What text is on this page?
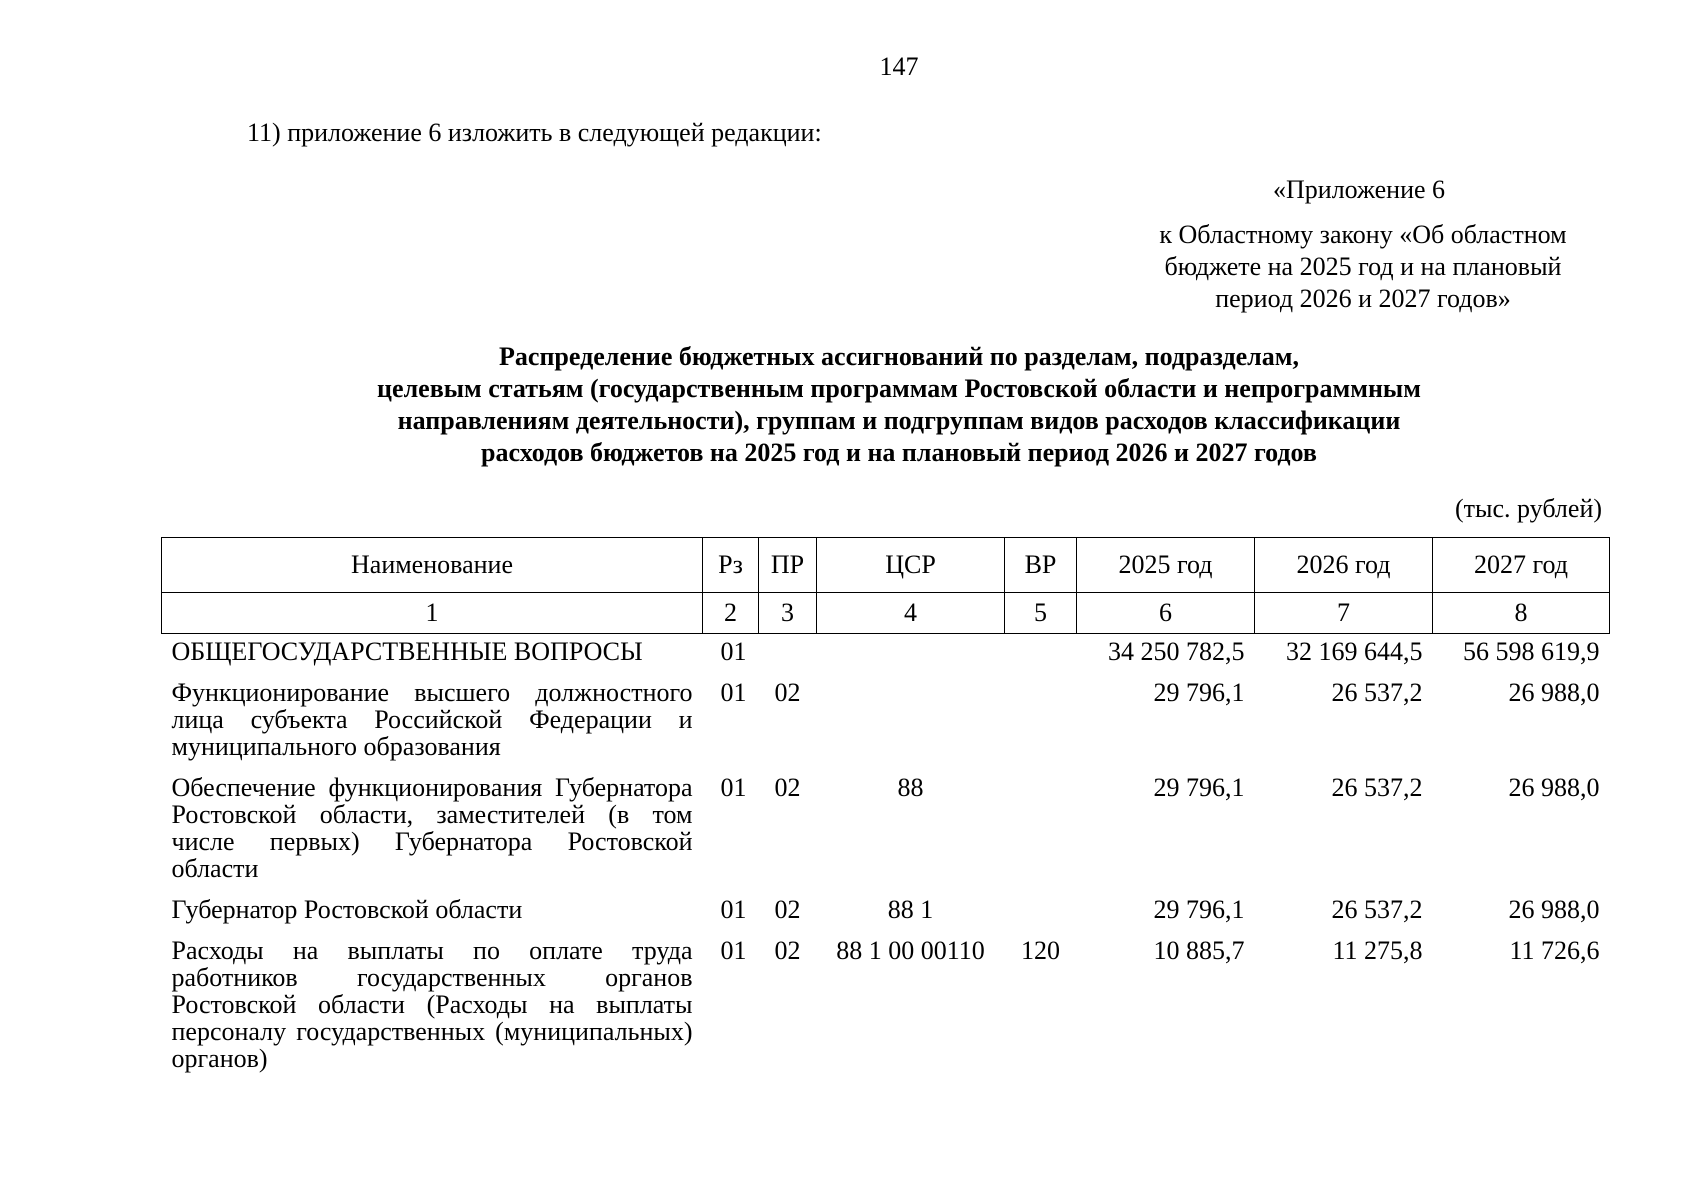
147
11) приложение 6 изложить в следующей редакции:
«Приложение 6
к Областному закону «Об областном
бюджете на 2025 год и на плановый
период 2026 и 2027 годов»
Распределение бюджетных ассигнований по разделам, подразделам,
целевым статьям (государственным программам Ростовской области и непрограммным
направлениям деятельности), группам и подгруппам видов расходов классификации
расходов бюджетов на 2025 год и на плановый период 2026 и 2027 годов
(тыс. рублей)
Наименование	Рз	ПР	ЦСР	ВР	2025 год	2026 год	2027 год
1	2	3	4	5	6	7	8
ОБЩЕГОСУДАРСТВЕННЫЕ ВОПРОСЫ	01				34 250 782,5	32 169 644,5	56 598 619,9
Функционирование высшего должностного лица субъекта Российской Федерации и муниципального образования	01	02			29 796,1	26 537,2	26 988,0
Обеспечение функционирования Губернатора Ростовской области, заместителей (в том числе первых) Губернатора Ростовской области	01	02	88		29 796,1	26 537,2	26 988,0
Губернатор Ростовской области	01	02	88 1		29 796,1	26 537,2	26 988,0
Расходы на выплаты по оплате труда работников государственных органов Ростовской области (Расходы на выплаты персоналу государственных (муниципальных) органов)	01	02	88 1 00 00110	120	10 885,7	11 275,8	11 726,6
